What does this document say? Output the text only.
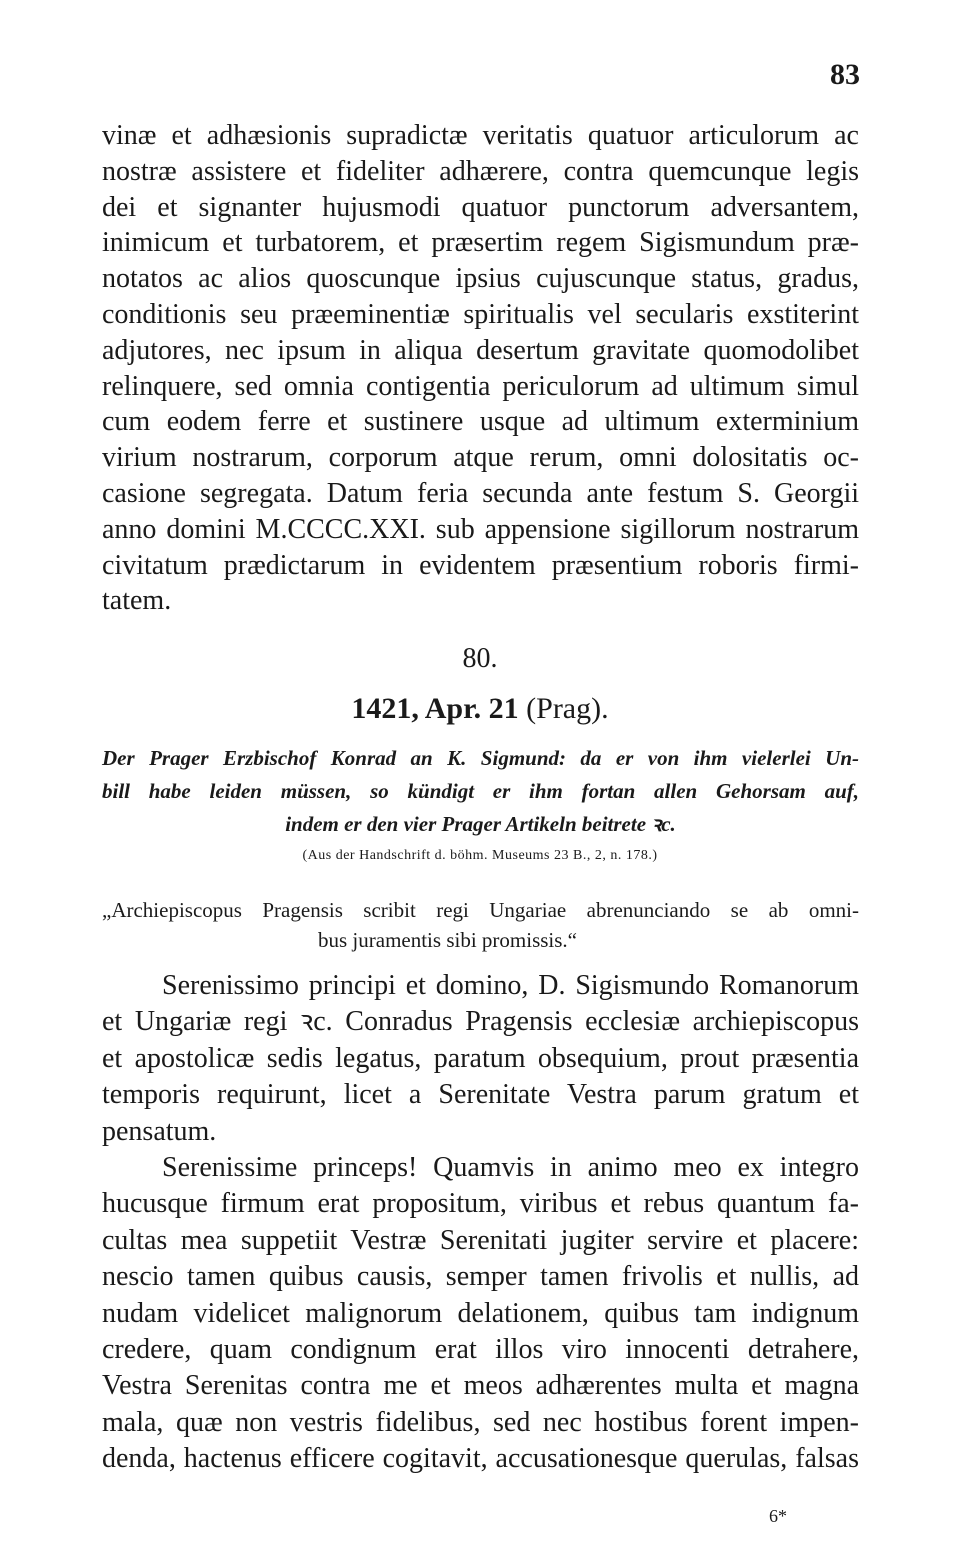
83
vinæ et adhæsionis supradictæ veritatis quatuor articulorum ac
nostræ assistere et fideliter adhærere, contra quemcunque legis
dei et signanter hujusmodi quatuor punctorum adversantem,
inimicum et turbatorem, et præsertim regem Sigismundum præ-
notatos ac alios quoscunque ipsius cujuscunque status, gradus,
conditionis seu præeminentiæ spiritualis vel secularis exstiterint
adjutores, nec ipsum in aliqua desertum gravitate quomodolibet
relinquere, sed omnia contigentia periculorum ad ultimum simul
cum eodem ferre et sustinere usque ad ultimum exterminium
virium nostrarum, corporum atque rerum, omni dolositatis oc-
casione segregata. Datum feria secunda ante festum S. Georgii
anno domini M.CCCC.XXI. sub appensione sigillorum nostrarum
civitatum prædictarum in evidentem præsentium roboris firmi-
tatem.
80.
1421, Apr. 21 (Prag).
Der Prager Erzbischof Konrad an K. Sigmund: da er von ihm vielerlei Un-
bill habe leiden müssen, so kündigt er ihm fortan allen Gehorsam auf,
indem er den vier Prager Artikeln beitrete ꝛc.
(Aus der Handschrift d. böhm. Museums 23 B., 2, n. 178.)
„Archiepiscopus Pragensis scribit regi Ungariae abrenunciando se ab omni-
bus juramentis sibi promissis.“
Serenissimo principi et domino, D. Sigismundo Romanorum
et Ungariæ regi ꝛc. Conradus Pragensis ecclesiæ archiepiscopus
et apostolicæ sedis legatus, paratum obsequium, prout præsentia
temporis requirunt, licet a Serenitate Vestra parum gratum et
pensatum.
Serenissime princeps! Quamvis in animo meo ex integro
hucusque firmum erat propositum, viribus et rebus quantum fa-
cultas mea suppetiit Vestræ Serenitati jugiter servire et placere:
nescio tamen quibus causis, semper tamen frivolis et nullis, ad
nudam videlicet malignorum delationem, quibus tam indignum
credere, quam condignum erat illos viro innocenti detrahere,
Vestra Serenitas contra me et meos adhærentes multa et magna
mala, quæ non vestris fidelibus, sed nec hostibus forent impen-
denda, hactenus efficere cogitavit, accusationesque querulas, falsas
6*
